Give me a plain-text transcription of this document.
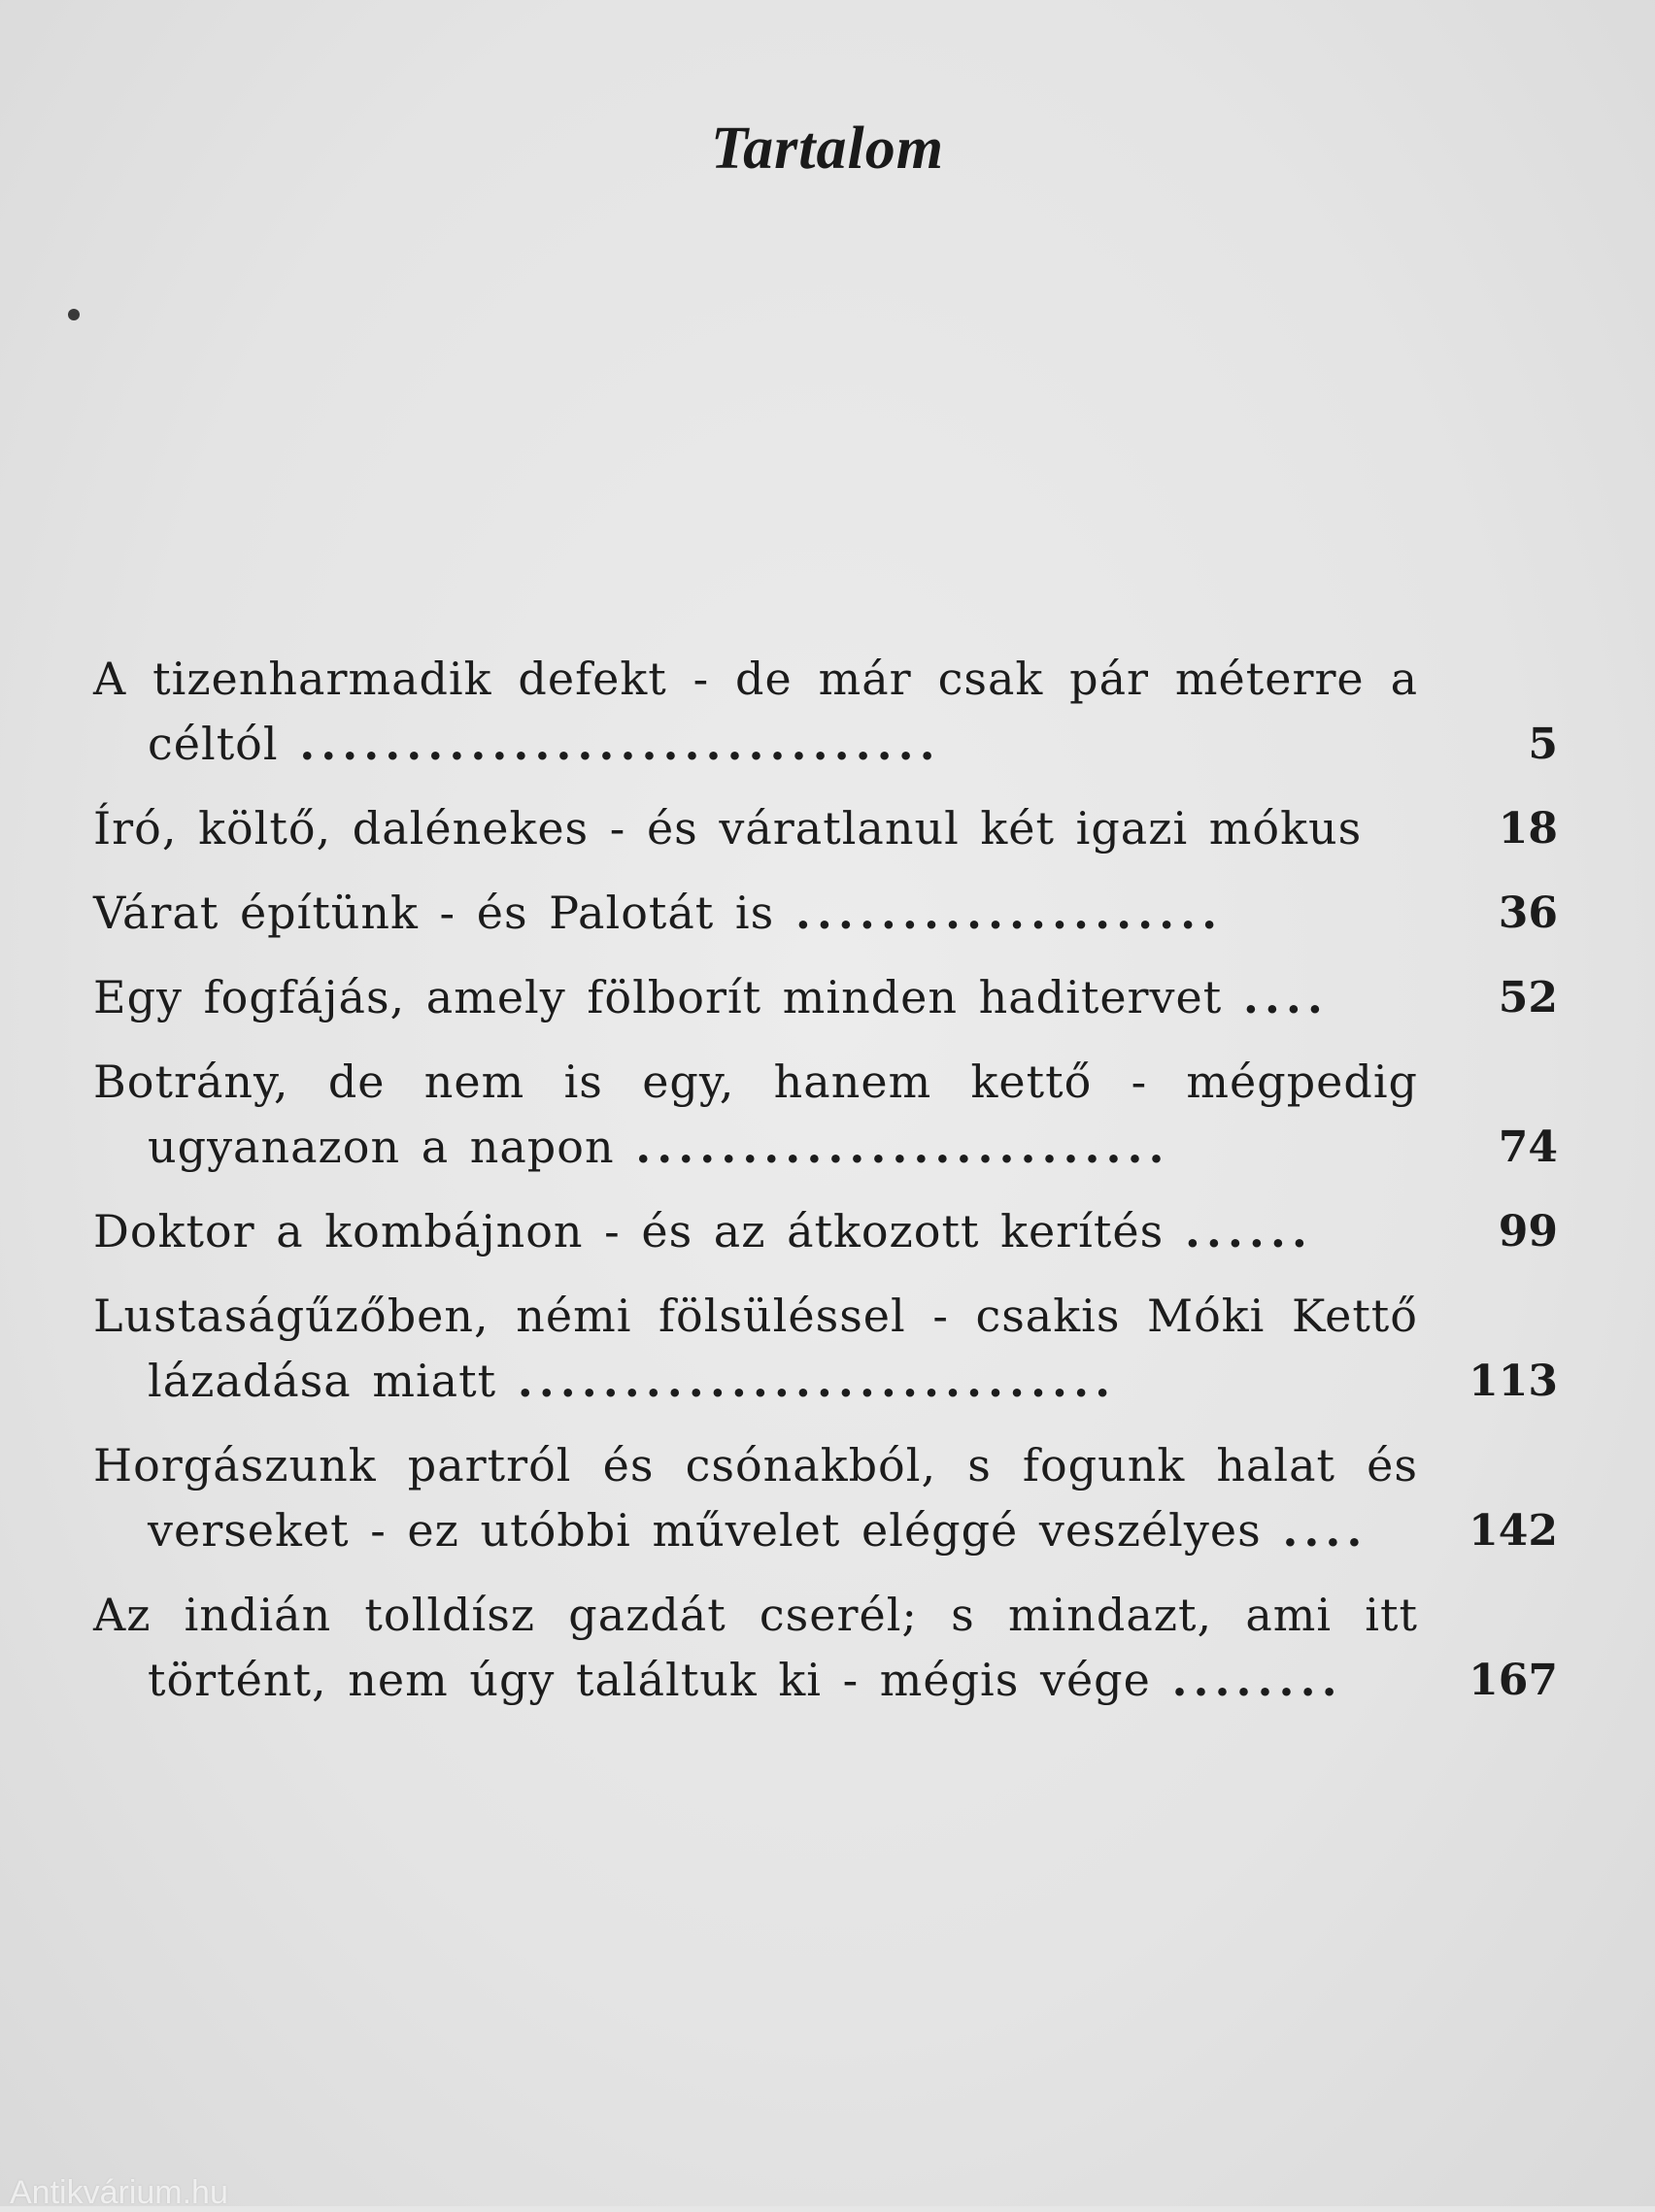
Tartalom
A tizenharmadik defekt - de már csak pár méterre a céltól ..............................	5
Író, költő, dalénekes - és váratlanul két igazi mókus	18
Várat építünk - és Palotát is ....................	36
Egy fogfájás, amely fölborít minden haditervet ....	52
Botrány, de nem is egy, hanem kettő - mégpedig ugyanazon a napon .........................	74
Doktor a kombájnon - és az átkozott kerítés ......	99
Lustaságűzőben, némi fölsüléssel - csakis Móki Kettő lázadása miatt ............................	113
Horgászunk partról és csónakból, s fogunk halat és verseket - ez utóbbi művelet eléggé veszélyes ....	142
Az indián tolldísz gazdát cserél; s mindazt, ami itt történt, nem úgy találtuk ki - mégis vége ........	167
Antikvárium.hu
